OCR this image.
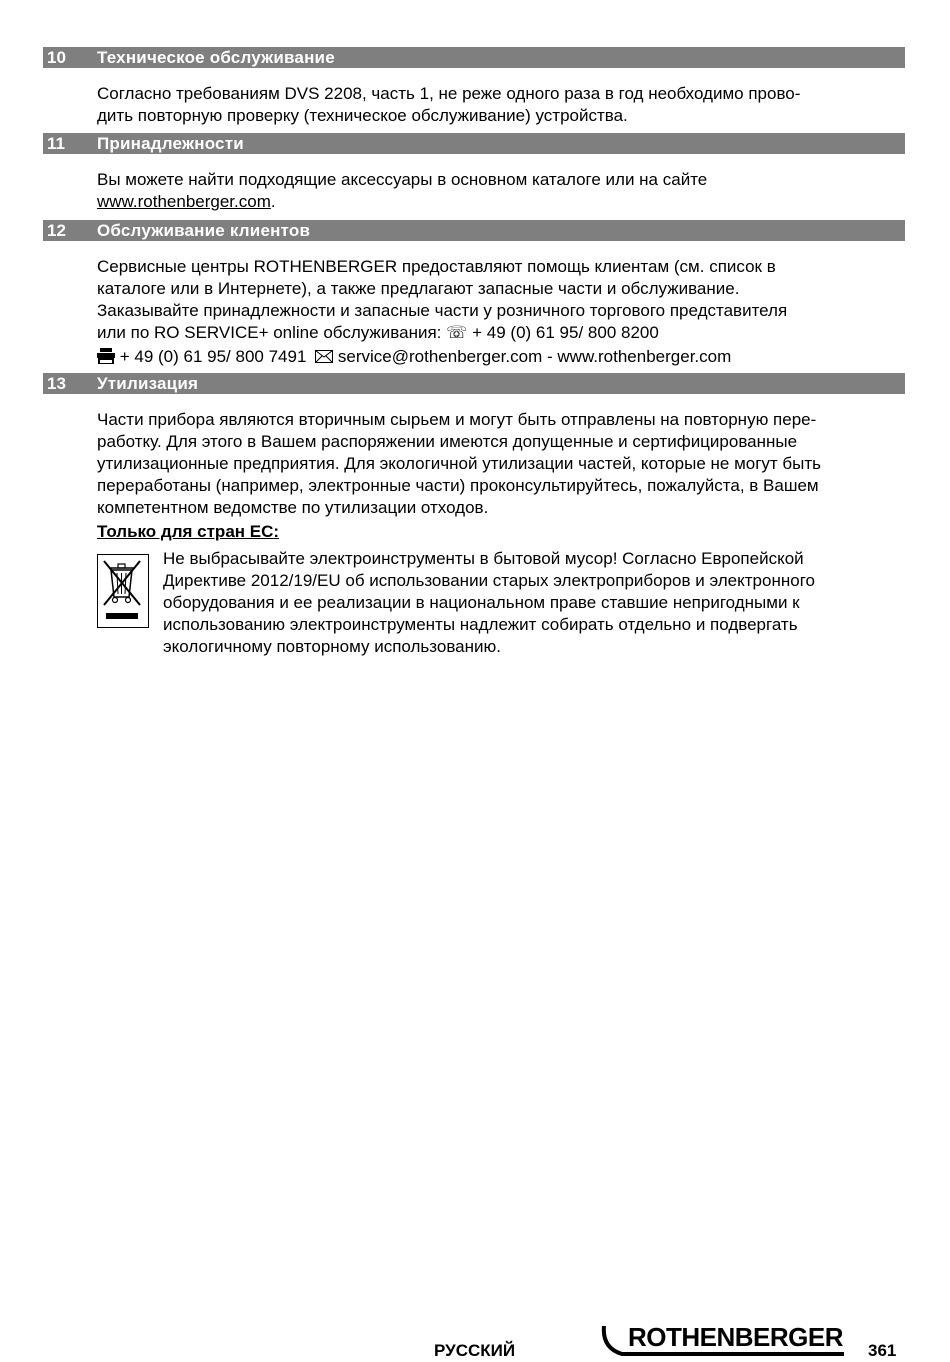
10 Техническое обслуживание
Согласно требованиям DVS 2208, часть 1, не реже одного раза в год необходимо прово-
дить повторную проверку (техническое обслуживание) устройства.
11 Принадлежности
Вы можете найти подходящие аксессуары в основном каталоге или на сайте
www.rothenberger.com.
12 Обслуживание клиентов
Сервисные центры ROTHENBERGER предоставляют помощь клиентам (см. список в
каталоге или в Интернете), а также предлагают запасные части и обслуживание.
Заказывайте принадлежности и запасные части у розничного торгового представителя
или по RO SERVICE+ online обслуживания: ☏ + 49 (0) 61 95/ 800 8200
+ 49 (0) 61 95/ 800 7491 service@rothenberger.com - www.rothenberger.com
13 Утилизация
Части прибора являются вторичным сырьем и могут быть отправлены на повторную пере-
работку. Для этого в Вашем распоряжении имеются допущенные и сертифицированные
утилизационные предприятия. Для экологичной утилизации частей, которые не могут быть
переработаны (например, электронные части) проконсультируйтесь, пожалуйста, в Вашем
компетентном ведомстве по утилизации отходов.
Только для стран ЕС:
Не выбрасывайте электроинструменты в бытовой мусор! Согласно Европейской
Директиве 2012/19/EU об использовании старых электроприборов и электронного
оборудования и ее реализации в национальном праве ставшие непригодными к
использованию электроинструменты надлежит собирать отдельно и подвергать
экологичному повторному использованию.
РУССКИЙ	ROTHENBERGER 361
